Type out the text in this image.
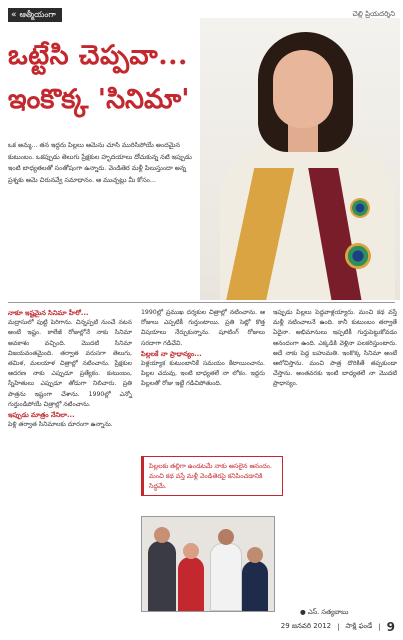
« ఆత్మీయంగా	చెల్లి ప్రియదర్శిని
ఒట్టేసి చెప్పవా...
ఇంకొక్క 'సినిమా'
ఒక అమ్మ... తన ఇద్దరు పిల్లలు ఆమెను చూసి మురిసిపోయే అందమైన కుటుంబం. ఒకప్పుడు తెలుగు ప్రేక్షకుల హృదయాలు దోచుకున్న నటి ఇప్పుడు ఇంటి బాధ్యతలతో సంతోషంగా ఉన్నారు. వెండితెర మళ్లీ పిలుస్తుందా అన్న ప్రశ్నకు ఆమె చిరునవ్వే సమాధానం. ఆ ముచ్చట్లు మీ కోసం...
నాకూ ఇష్టమైన సినిమా హీరో...
మద్రాసులో పుట్టి పెరిగాను. చిన్నప్పటి నుంచే నటన అంటే ఇష్టం. కాలేజీ రోజుల్లోనే నాకు సినిమా అవకాశం వచ్చింది. మొదటి సినిమా విజయవంతమైంది. తర్వాత వరుసగా తెలుగు, తమిళ, మలయాళ చిత్రాల్లో నటించాను. ప్రేక్షకుల ఆదరణ నాకు ఎప్పుడూ ప్రత్యేకం. కుటుంబం, స్నేహితులు ఎప్పుడూ తోడుగా నిలిచారు. ప్రతి పాత్రను ఇష్టంగా చేశాను. 1990ల్లో ఎన్నో గుర్తుండిపోయే చిత్రాల్లో నటించాను.
ఇప్పుడు మాత్రం నేనిలా...
పెళ్లి తర్వాత సినిమాలకు దూరంగా ఉన్నాను.
1990ల్లో ప్రముఖ దర్శకుల చిత్రాల్లో నటించాను. ఆ రోజులు ఎప్పటికీ గుర్తుంటాయి. ప్రతి సెట్లో కొత్త విషయాలు నేర్చుకున్నాను. షూటింగ్ రోజులు సరదాగా గడిచేవి.
పిల్లలకే నా ప్రాధాన్యం...
పెళ్లయ్యాక కుటుంబానికే సమయం కేటాయించాను. పిల్లల చదువు, ఇంటి బాధ్యతలే నా లోకం. ఇద్దరు పిల్లలతో రోజు ఇట్టే గడిచిపోతుంది.
ఇప్పుడు పిల్లలు పెద్దవాళ్లయ్యారు. మంచి కథ వస్తే మళ్లీ నటించాలనే ఉంది. కానీ కుటుంబం తర్వాతే ఏదైనా. అభిమానులు ఇప్పటికీ గుర్తుపెట్టుకోవడం ఆనందంగా ఉంది. ఎక్కడికి వెళ్లినా పలకరిస్తుంటారు. అదే నాకు పెద్ద బహుమతి. ఇంకొక్క సినిమా అంటే ఆలోచిస్తాను. మంచి పాత్ర దొరికితే తప్పకుండా చేస్తాను. అంతవరకు ఇంటి బాధ్యతలే నా మొదటి ప్రాధాన్యం.
పిల్లలకు తల్లిగా ఉండటమే నాకు అసలైన ఆనందం. మంచి కథ వస్తే మళ్లీ వెండితెరపై కనిపించడానికి సిద్ధమే.
● ఎస్. సత్యబాబు
29 జనవరి 2012 | సాక్షి ఫండే | 9
